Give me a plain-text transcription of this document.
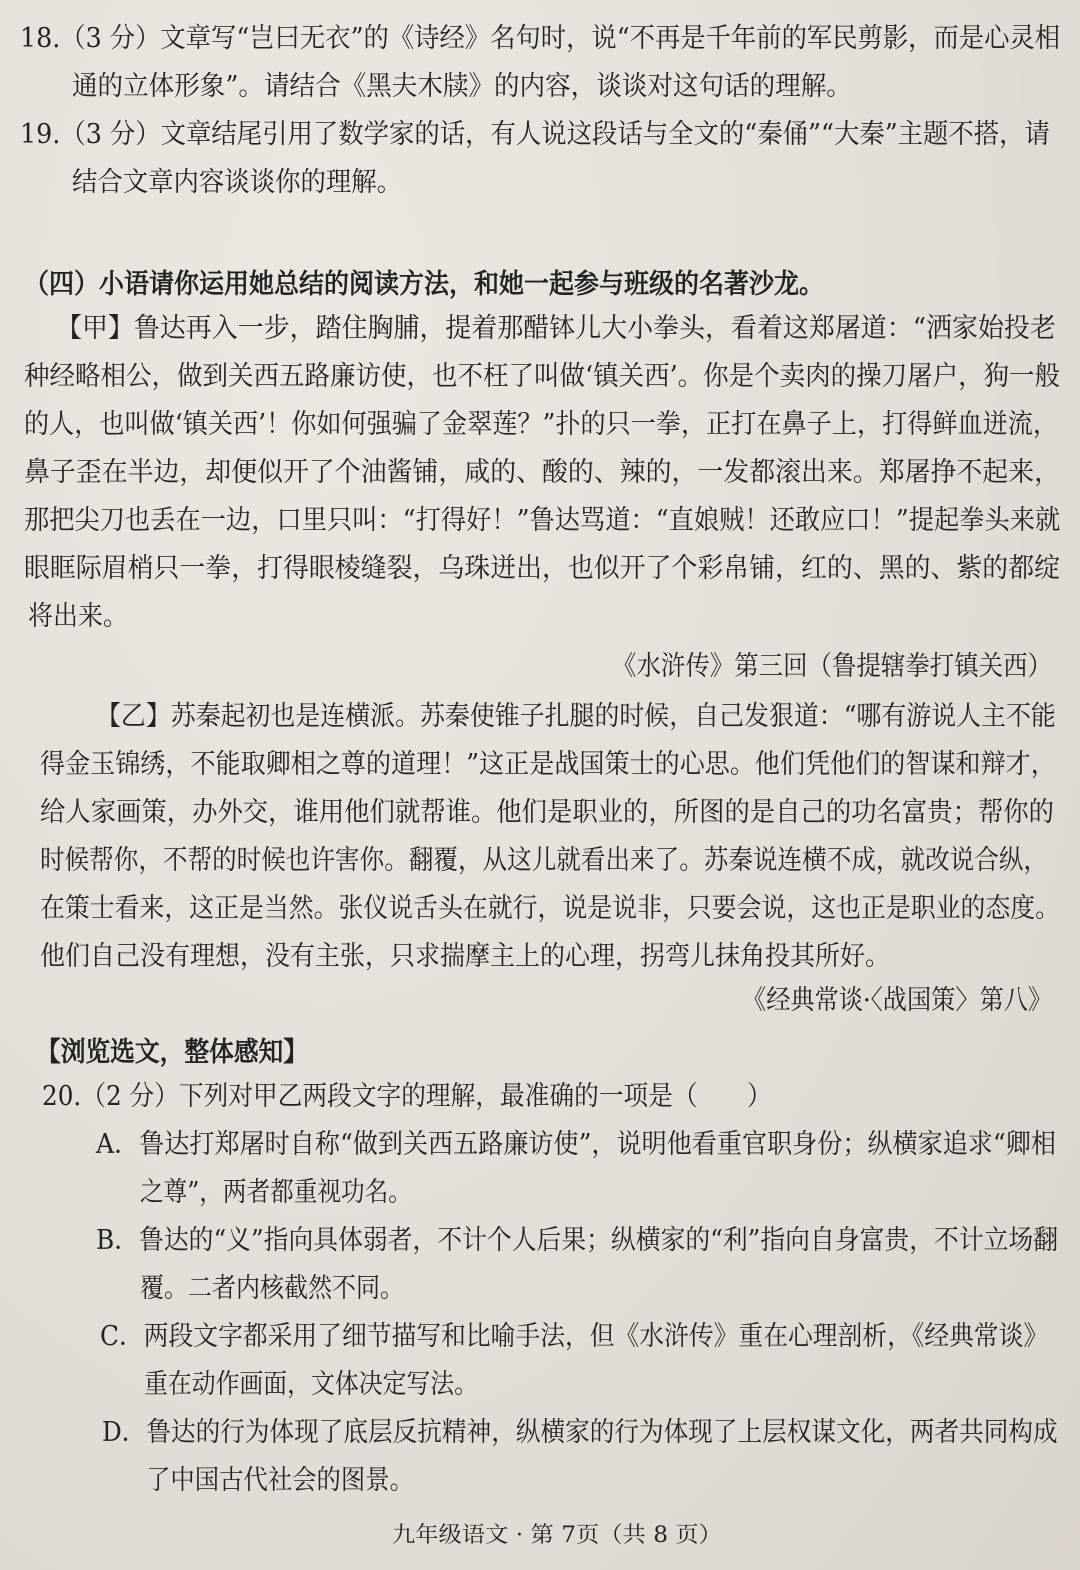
18.（3 分）文章写“岂曰无衣”的《诗经》名句时，说“不再是千年前的军民剪影，而是心灵相
通的立体形象”。请结合《黑夫木牍》的内容，谈谈对这句话的理解。
19.（3 分）文章结尾引用了数学家的话，有人说这段话与全文的“秦俑”“大秦”主题不搭，请
结合文章内容谈谈你的理解。
（四）小语请你运用她总结的阅读方法，和她一起参与班级的名著沙龙。
【甲】鲁达再入一步，踏住胸脯，提着那醋钵儿大小拳头，看着这郑屠道：“洒家始投老
种经略相公，做到关西五路廉访使，也不枉了叫做‘镇关西’。你是个卖肉的操刀屠户，狗一般
的人，也叫做‘镇关西’！你如何强骗了金翠莲？”扑的只一拳，正打在鼻子上，打得鲜血迸流，
鼻子歪在半边，却便似开了个油酱铺，咸的、酸的、辣的，一发都滚出来。郑屠挣不起来，
那把尖刀也丢在一边，口里只叫：“打得好！”鲁达骂道：“直娘贼！还敢应口！”提起拳头来就
眼眶际眉梢只一拳，打得眼棱缝裂，乌珠迸出，也似开了个彩帛铺，红的、黑的、紫的都绽
将出来。
《水浒传》第三回（鲁提辖拳打镇关西）
【乙】苏秦起初也是连横派。苏秦使锥子扎腿的时候，自己发狠道：“哪有游说人主不能
得金玉锦绣，不能取卿相之尊的道理！”这正是战国策士的心思。他们凭他们的智谋和辩才，
给人家画策，办外交，谁用他们就帮谁。他们是职业的，所图的是自己的功名富贵；帮你的
时候帮你，不帮的时候也许害你。翻覆，从这儿就看出来了。苏秦说连横不成，就改说合纵，
在策士看来，这正是当然。张仪说舌头在就行，说是说非，只要会说，这也正是职业的态度。
他们自己没有理想，没有主张，只求揣摩主上的心理，拐弯儿抹角投其所好。
《经典常谈·〈战国策〉第八》
【浏览选文，整体感知】
20.（2 分）下列对甲乙两段文字的理解，最准确的一项是（　　）
A．鲁达打郑屠时自称“做到关西五路廉访使”，说明他看重官职身份；纵横家追求“卿相
之尊”，两者都重视功名。
B．鲁达的“义”指向具体弱者，不计个人后果；纵横家的“利”指向自身富贵，不计立场翻
覆。二者内核截然不同。
C．两段文字都采用了细节描写和比喻手法，但《水浒传》重在心理剖析，《经典常谈》
重在动作画面，文体决定写法。
D．鲁达的行为体现了底层反抗精神，纵横家的行为体现了上层权谋文化，两者共同构成
了中国古代社会的图景。
九年级语文 · 第 7页（共 8 页）
